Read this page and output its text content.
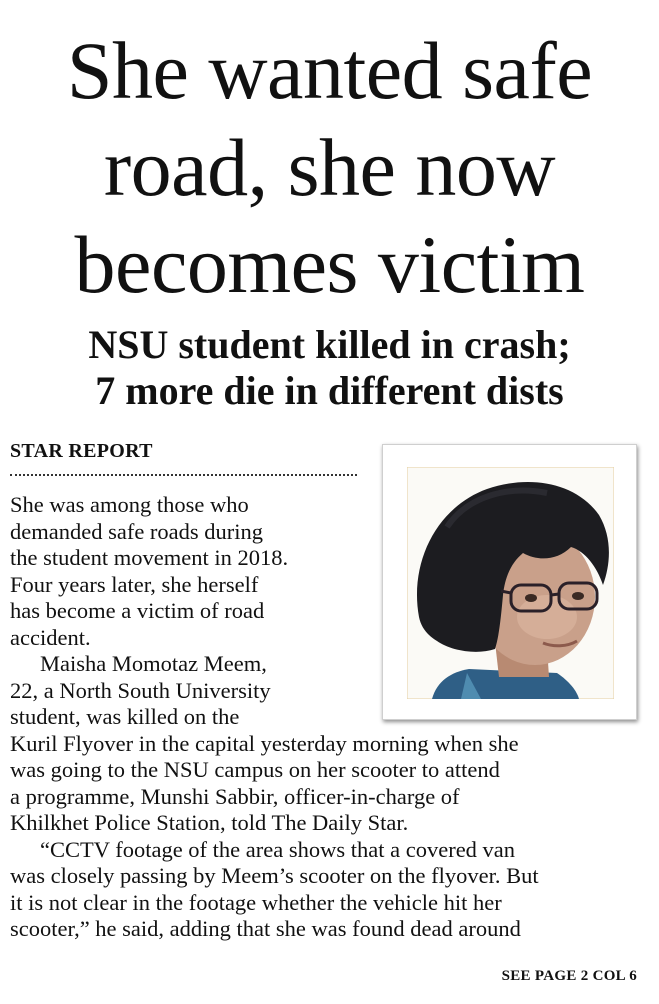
She wanted safe
road, she now
becomes victim
NSU student killed in crash;
7 more die in different dists
STAR REPORT
She was among those who
demanded safe roads during
the student movement in 2018.
Four years later, she herself
has become a victim of road
accident.
Maisha Momotaz Meem,
22, a North South University
student, was killed on the
Kuril Flyover in the capital yesterday morning when she
was going to the NSU campus on her scooter to attend
a programme, Munshi Sabbir, officer-in-charge of
Khilkhet Police Station, told The Daily Star.
“CCTV footage of the area shows that a covered van
was closely passing by Meem’s scooter on the flyover. But
it is not clear in the footage whether the vehicle hit her
scooter,” he said, adding that she was found dead around
SEE PAGE 2 COL 6
